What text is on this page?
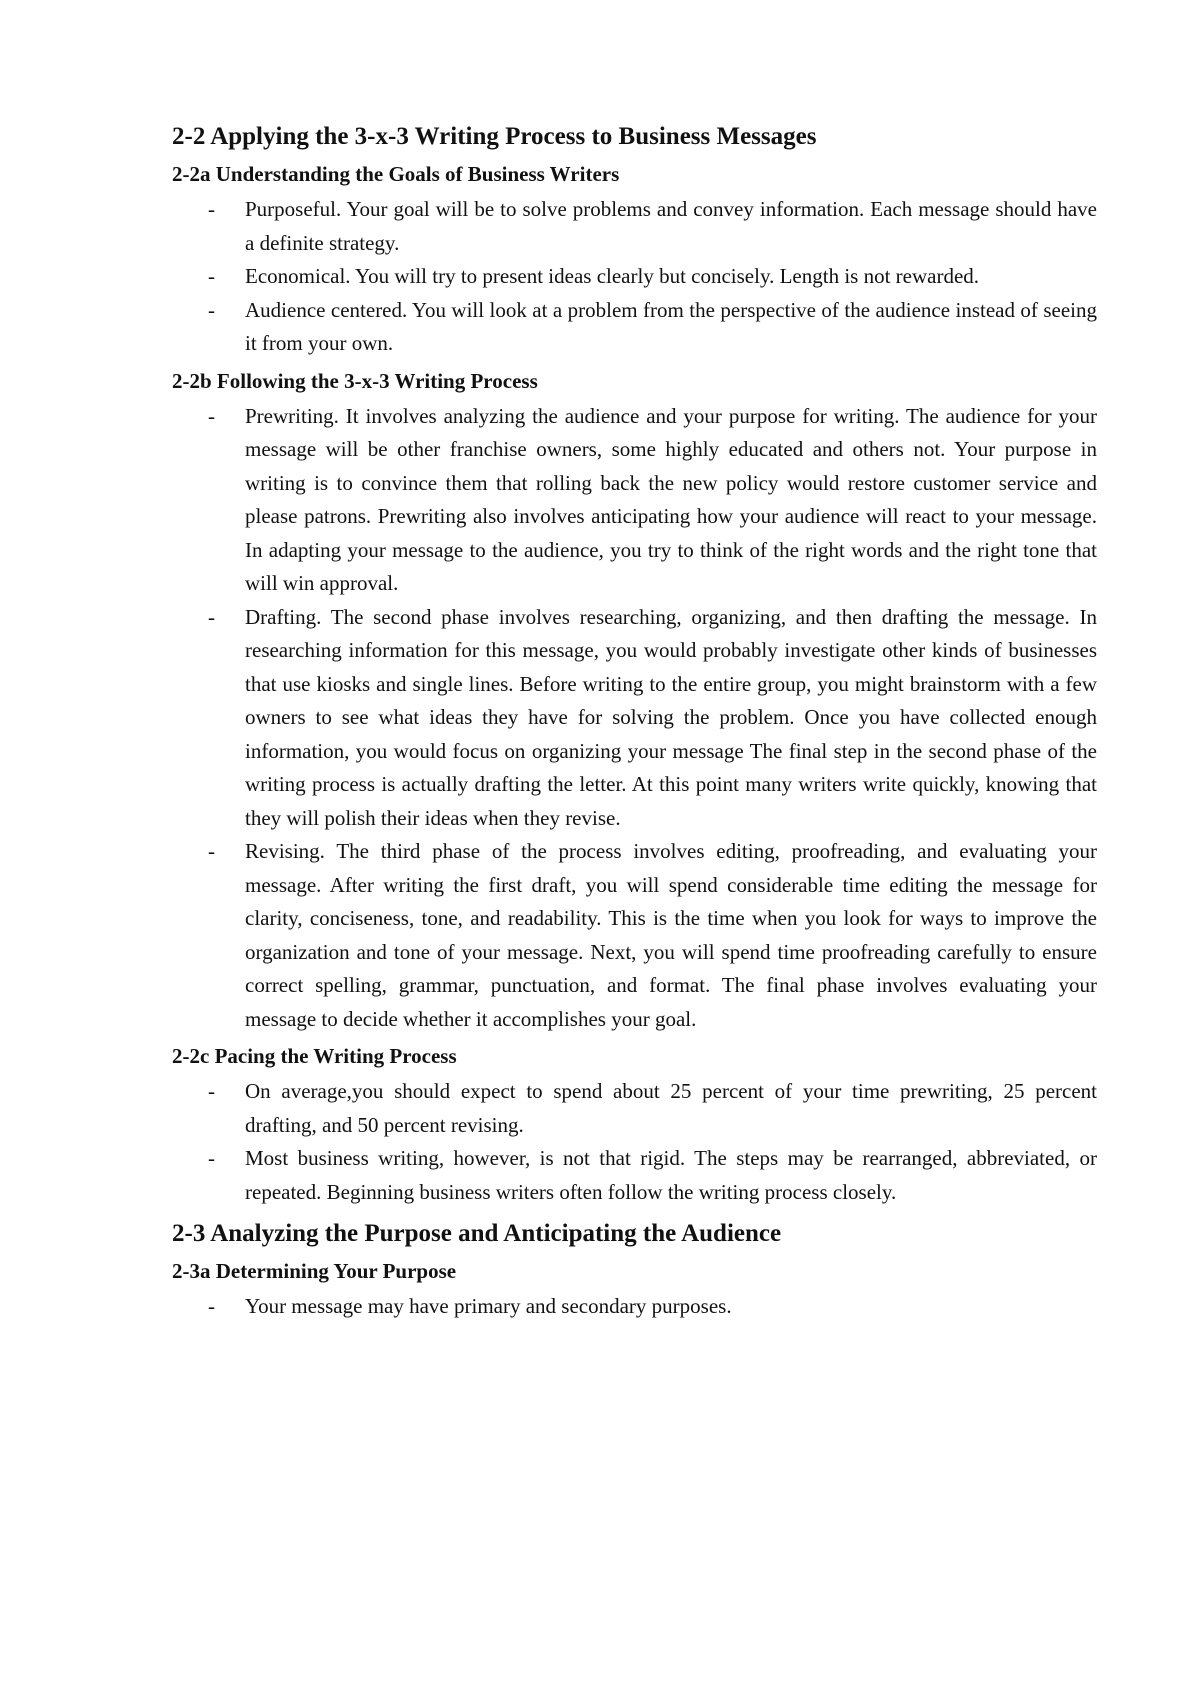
2-2 Applying the 3-x-3 Writing Process to Business Messages
2-2a Understanding the Goals of Business Writers
- Purposeful. Your goal will be to solve problems and convey information. Each message should have a definite strategy.
- Economical. You will try to present ideas clearly but concisely. Length is not rewarded.
- Audience centered. You will look at a problem from the perspective of the audience instead of seeing it from your own.
2-2b Following the 3-x-3 Writing Process
- Prewriting. It involves analyzing the audience and your purpose for writing. The audience for your message will be other franchise owners, some highly educated and others not. Your purpose in writing is to convince them that rolling back the new policy would restore customer service and please patrons. Prewriting also involves anticipating how your audience will react to your message. In adapting your message to the audience, you try to think of the right words and the right tone that will win approval.
- Drafting. The second phase involves researching, organizing, and then drafting the message. In researching information for this message, you would probably investigate other kinds of businesses that use kiosks and single lines. Before writing to the entire group, you might brainstorm with a few owners to see what ideas they have for solving the problem. Once you have collected enough information, you would focus on organizing your message The final step in the second phase of the writing process is actually drafting the letter. At this point many writers write quickly, knowing that they will polish their ideas when they revise.
- Revising. The third phase of the process involves editing, proofreading, and evaluating your message. After writing the first draft, you will spend considerable time editing the message for clarity, conciseness, tone, and readability. This is the time when you look for ways to improve the organization and tone of your message. Next, you will spend time proofreading carefully to ensure correct spelling, grammar, punctuation, and format. The final phase involves evaluating your message to decide whether it accomplishes your goal.
2-2c Pacing the Writing Process
- On average,you should expect to spend about 25 percent of your time prewriting, 25 percent drafting, and 50 percent revising.
- Most business writing, however, is not that rigid. The steps may be rearranged, abbreviated, or repeated. Beginning business writers often follow the writing process closely.
2-3 Analyzing the Purpose and Anticipating the Audience
2-3a Determining Your Purpose
- Your message may have primary and secondary purposes.
